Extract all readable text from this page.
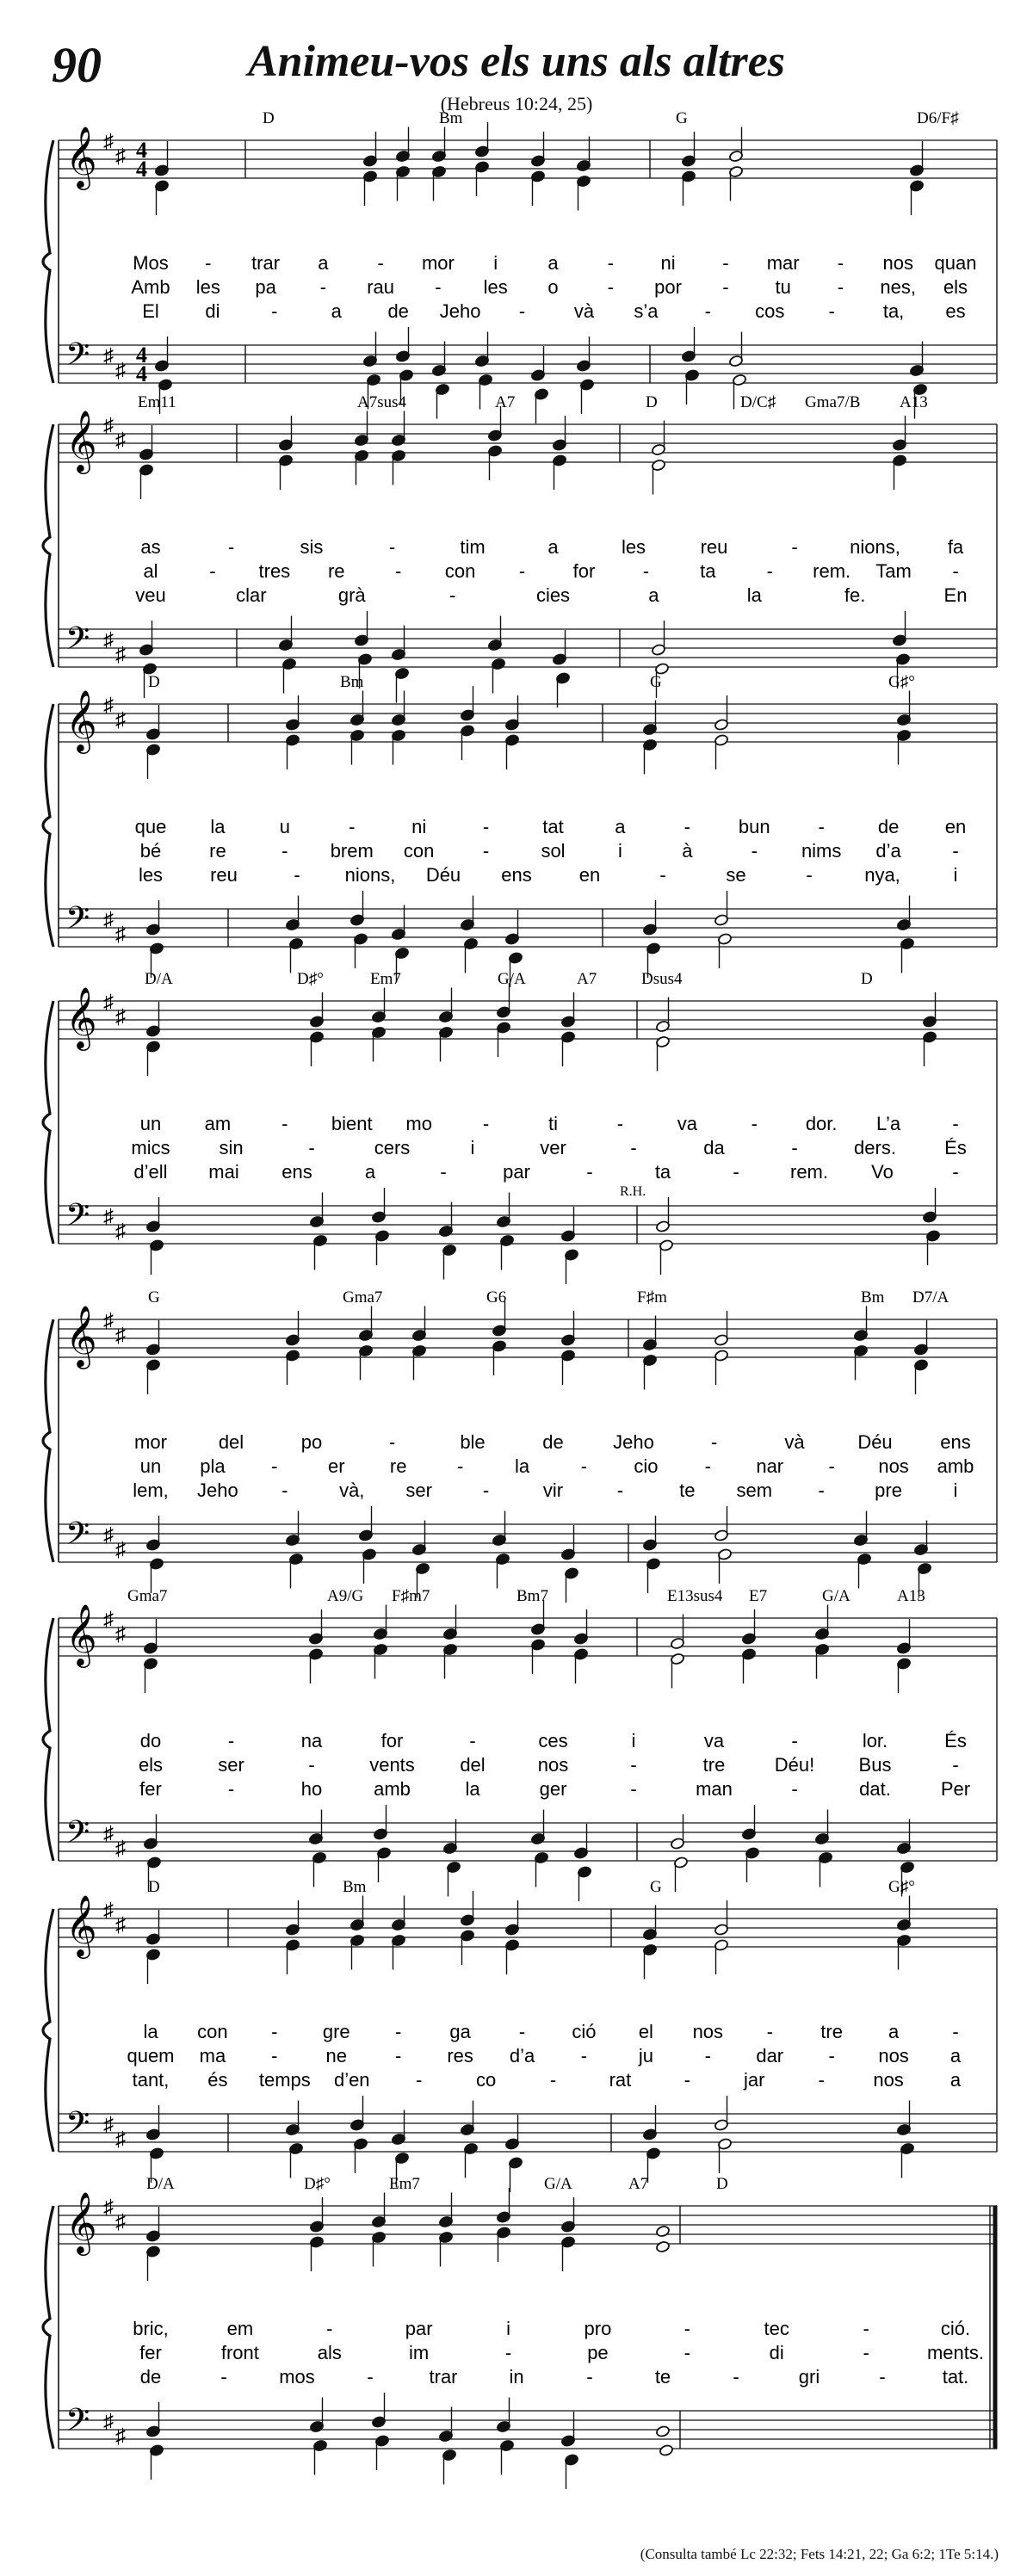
90	Animeu-vos els uns als altres
(Hebreus 10:24, 25)
D	Bm	G	D6/F♯
𝄞
𝄢
♯
♯
♯
♯
4
4
4
4
Mos - trar a	- mor i	a	- ni - mar - nos quan
Amb les pa - rau - les o	- por - tu - nes, els
El di	-	a de Jeho -	và s’a - cos -	ta, es
Em11	A7sus4	A7	D	D/C♯ Gma7/B A13
𝄞
𝄢
♯
♯
♯
♯
as	-	sis	-	tim	a	les	reu	-	nions, fa
al	- tres re	- con -	for	-	ta	- rem. Tam -
veu	clar	grà	-	cies	a	la	fe.	En
D	Bm	G	G♯°
𝄞
𝄢
♯
♯
♯
♯
que la	u	-	ni	-	tat	a	-	bun	-	de en
bé	re	- brem con	-	sol	i	à	- nims d’a	-
les	reu	- nions, Déu ens	en	-	se	-	nya,	i
D/A	D♯°	Em7	G/A	A7	Dsus4	D
𝄞
𝄢
♯
♯
♯
♯
R.H.
un am	- bient mo	-	ti	-	va	-	dor. L’a	-
mics	sin	-	cers	i	ver	-	da	-	ders.	És
d’ell mai ens	a	-	par	-	ta	-	rem. Vo	-
G	Gma7	G6	F♯m	Bm D7/A
𝄞
𝄢
♯
♯
♯
♯
mor	del	po	-	ble	de	Jeho	-	và	Déu	ens
un pla -	er re	-	la	- cio - nar - nos amb
lem, Jeho -	và, ser	-	vir	-	te sem -	pre	i
Gma7	A9/G F♯m7	Bm7	E13sus4 E7	G/A	A13
𝄞
𝄢
♯
♯
♯
♯
do	-	na	for	-	ces	i	va	-	lor.	És
els	ser	-	vents del	nos	-	tre	Déu! Bus	-
fer	-	ho	amb	la	ger	-	man	-	dat.	Per
D	Bm	G	G♯°
𝄞
𝄢
♯
♯
♯
♯
la con - gre -	ga	- ció el nos -	tre a	-
quem ma -	ne	- res d’a -	ju	- dar - nos a
tant, és temps d’en -	co	-	rat	-	jar	-	nos a
D/A	D♯°	Em7	G/A	A7	D
𝄞
𝄢
♯
♯
♯
♯
bric,	em	-	par	i	pro	-	tec	-	ció.
fer	front	als	im	-	pe	-	di	-	ments.
de	-	mos	-	trar	in	-	te	-	gri	-	tat.
(Consulta també Lc 22:32; Fets 14:21, 22; Ga 6:2; 1Te 5:14.)
